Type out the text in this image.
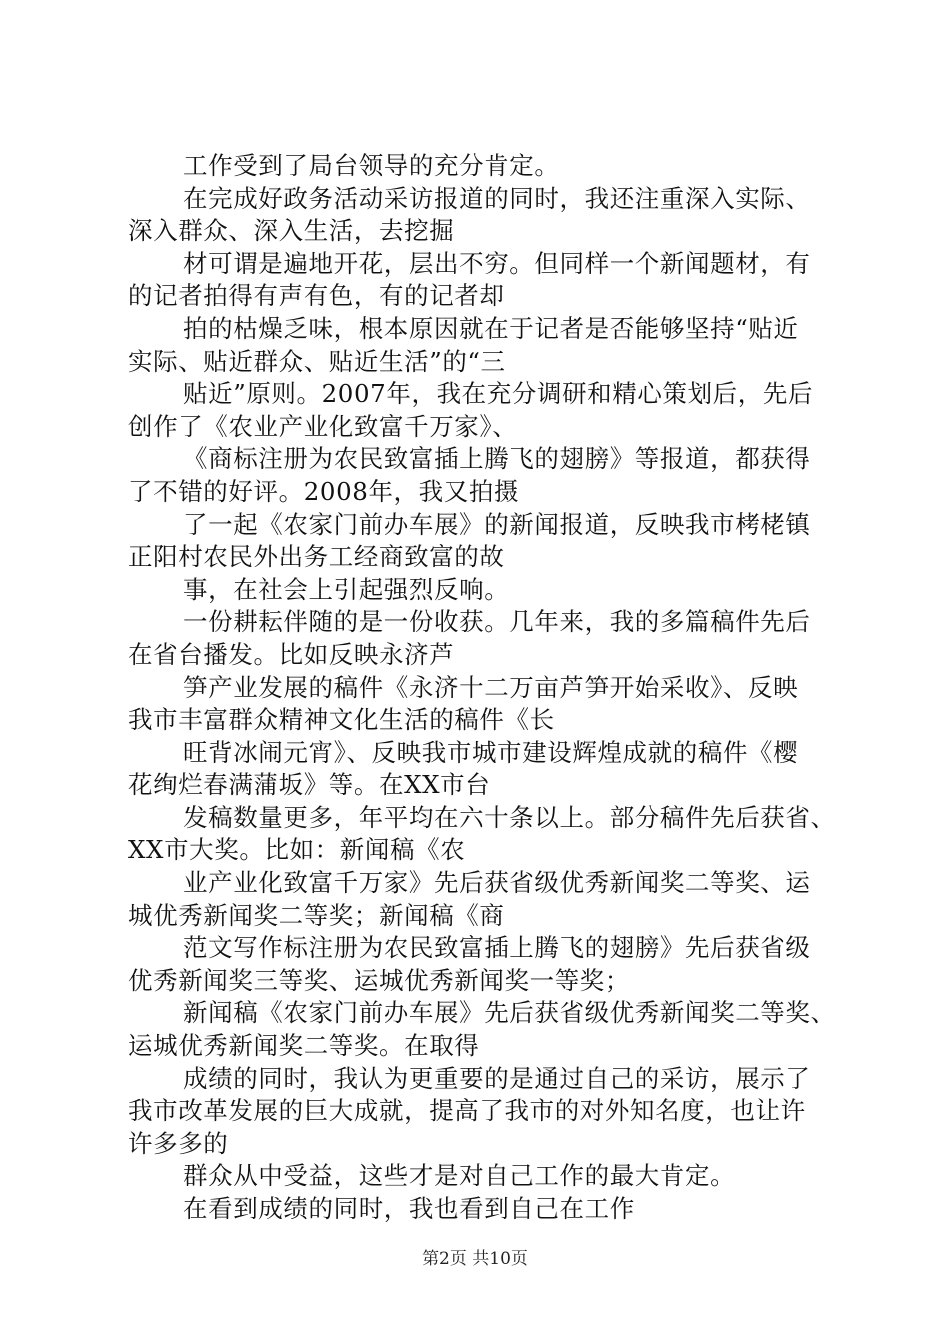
工作受到了局台领导的充分肯定。
在完成好政务活动采访报道的同时，我还注重深入实际、
深入群众、深入生活，去挖掘
材可谓是遍地开花，层出不穷。但同样一个新闻题材，有
的记者拍得有声有色，有的记者却
拍的枯燥乏味，根本原因就在于记者是否能够坚持“贴近
实际、贴近群众、贴近生活”的“三
贴近”原则。2007年，我在充分调研和精心策划后，先后
创作了《农业产业化致富千万家》、
《商标注册为农民致富插上腾飞的翅膀》等报道，都获得
了不错的好评。2008年，我又拍摄
了一起《农家门前办车展》的新闻报道，反映我市栲栳镇
正阳村农民外出务工经商致富的故
事，在社会上引起强烈反响。
一份耕耘伴随的是一份收获。几年来，我的多篇稿件先后
在省台播发。比如反映永济芦
笋产业发展的稿件《永济十二万亩芦笋开始采收》、反映
我市丰富群众精神文化生活的稿件《长
旺背冰闹元宵》、反映我市城市建设辉煌成就的稿件《樱
花绚烂春满蒲坂》等。在XX市台
发稿数量更多，年平均在六十条以上。部分稿件先后获省、
XX市大奖。比如：新闻稿《农
业产业化致富千万家》先后获省级优秀新闻奖二等奖、运
城优秀新闻奖二等奖；新闻稿《商
范文写作标注册为农民致富插上腾飞的翅膀》先后获省级
优秀新闻奖三等奖、运城优秀新闻奖一等奖；
新闻稿《农家门前办车展》先后获省级优秀新闻奖二等奖、
运城优秀新闻奖二等奖。在取得
成绩的同时，我认为更重要的是通过自己的采访，展示了
我市改革发展的巨大成就，提高了我市的对外知名度，也让许
许多多的
群众从中受益，这些才是对自己工作的最大肯定。
在看到成绩的同时，我也看到自己在工作
第2页 共10页
